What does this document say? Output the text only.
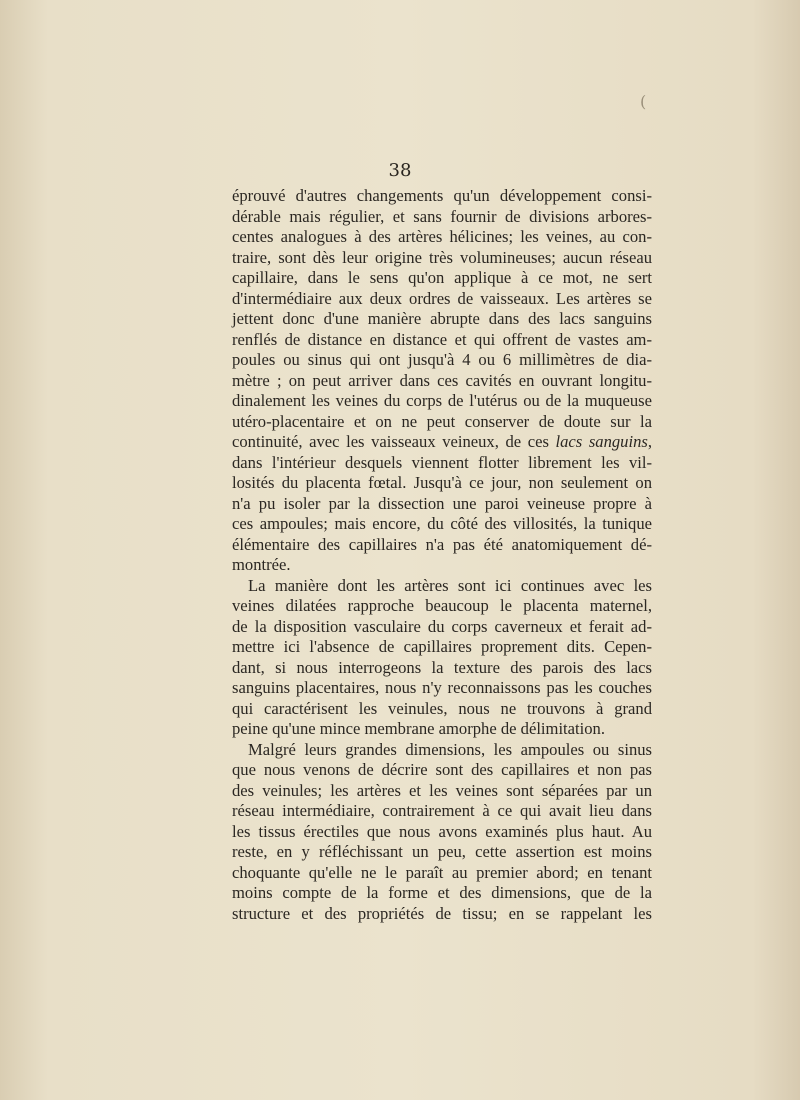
(
38
éprouvé d'autres changements qu'un développement consi-
dérable mais régulier, et sans fournir de divisions arbores-
centes analogues à des artères hélicines; les veines, au con-
traire, sont dès leur origine très volumineuses; aucun réseau
capillaire, dans le sens qu'on applique à ce mot, ne sert
d'intermédiaire aux deux ordres de vaisseaux. Les artères se
jettent donc d'une manière abrupte dans des lacs sanguins
renflés de distance en distance et qui offrent de vastes am-
poules ou sinus qui ont jusqu'à 4 ou 6 millimètres de dia-
mètre ; on peut arriver dans ces cavités en ouvrant longitu-
dinalement les veines du corps de l'utérus ou de la muqueuse
utéro-placentaire et on ne peut conserver de doute sur la
continuité, avec les vaisseaux veineux, de ces lacs sanguins,
dans l'intérieur desquels viennent flotter librement les vil-
losités du placenta fœtal. Jusqu'à ce jour, non seulement on
n'a pu isoler par la dissection une paroi veineuse propre à
ces ampoules; mais encore, du côté des villosités, la tunique
élémentaire des capillaires n'a pas été anatomiquement dé-
montrée.
La manière dont les artères sont ici continues avec les
veines dilatées rapproche beaucoup le placenta maternel,
de la disposition vasculaire du corps caverneux et ferait ad-
mettre ici l'absence de capillaires proprement dits. Cepen-
dant, si nous interrogeons la texture des parois des lacs
sanguins placentaires, nous n'y reconnaissons pas les couches
qui caractérisent les veinules, nous ne trouvons à grand
peine qu'une mince membrane amorphe de délimitation.
Malgré leurs grandes dimensions, les ampoules ou sinus
que nous venons de décrire sont des capillaires et non pas
des veinules; les artères et les veines sont séparées par un
réseau intermédiaire, contrairement à ce qui avait lieu dans
les tissus érectiles que nous avons examinés plus haut. Au
reste, en y réfléchissant un peu, cette assertion est moins
choquante qu'elle ne le paraît au premier abord; en tenant
moins compte de la forme et des dimensions, que de la
structure et des propriétés de tissu; en se rappelant les
